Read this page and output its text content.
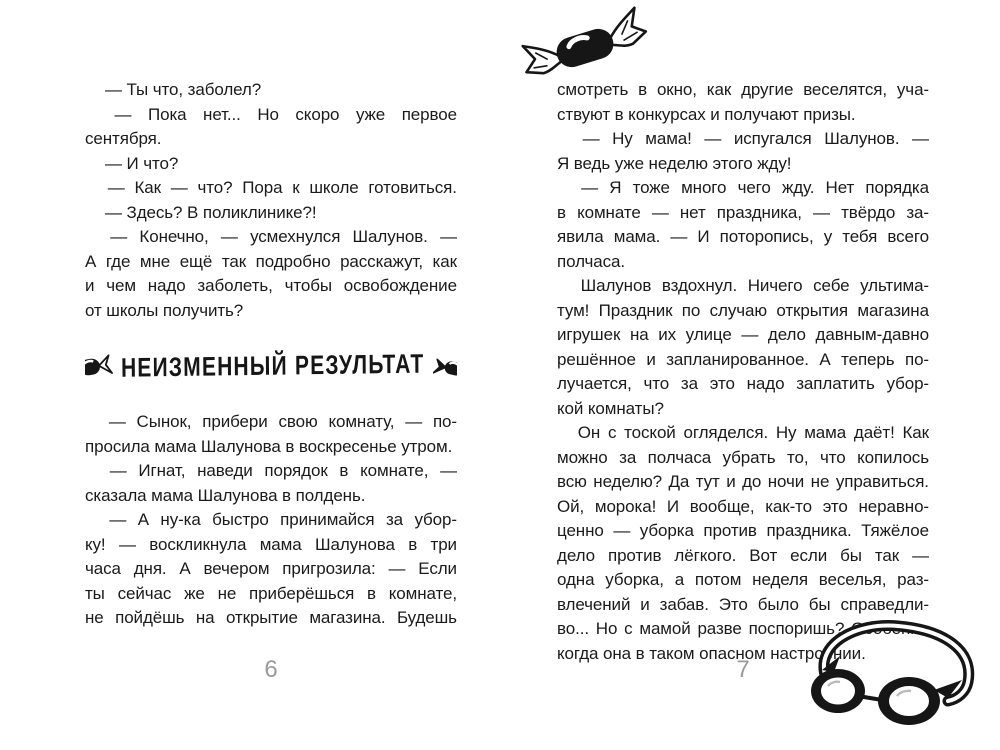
— Ты что, заболел?
— Пока нет... Но скоро уже первое
сентября.
— И что?
— Как — что? Пора к школе готовиться.
— Здесь? В поликлинике?!
— Конечно, — усмехнулся Шалунов. —
А где мне ещё так подробно расскажут, как
и чем надо заболеть, чтобы освобождение
от школы получить?
НЕИЗМЕННЫЙ РЕЗУЛЬТАТ
— Сынок, прибери свою комнату, — по-
просила мама Шалунова в воскресенье утром.
— Игнат, наведи порядок в комнате, —
сказала мама Шалунова в полдень.
— А ну-ка быстро принимайся за убор-
ку! — воскликнула мама Шалунова в три
часа дня. А вечером пригрозила: — Если
ты сейчас же не приберёшься в комнате,
не пойдёшь на открытие магазина. Будешь
6
смотреть в окно, как другие веселятся, уча-
ствуют в конкурсах и получают призы.
— Ну мама! — испугался Шалунов. —
Я ведь уже неделю этого жду!
— Я тоже много чего жду. Нет порядка
в комнате — нет праздника, — твёрдо за-
явила мама. — И поторопись, у тебя всего
полчаса.
Шалунов вздохнул. Ничего себе ультима-
тум! Праздник по случаю открытия магазина
игрушек на их улице — дело давным-давно
решённое и запланированное. А теперь по-
лучается, что за это надо заплатить убор-
кой комнаты?
Он с тоской огляделся. Ну мама даёт! Как
можно за полчаса убрать то, что копилось
всю неделю? Да тут и до ночи не управиться.
Ой, морока! И вообще, как-то это неравно-
ценно — уборка против праздника. Тяжёлое
дело против лёгкого. Вот если бы так —
одна уборка, а потом неделя веселья, раз-
влечений и забав. Это было бы справедли-
во... Но с мамой разве поспоришь? Особенно
когда она в таком опасном настроении.
7
